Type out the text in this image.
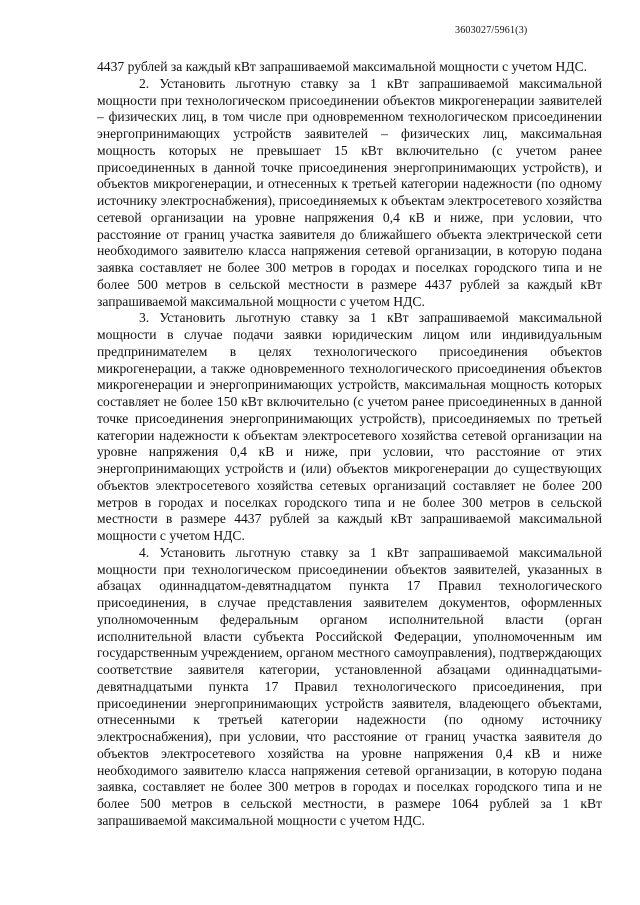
3603027/5961(3)

4437 рублей за каждый кВт запрашиваемой максимальной мощности с учетом НДС.

2. Установить льготную ставку за 1 кВт запрашиваемой максимальной мощности при технологическом присоединении объектов микрогенерации заявителей – физических лиц, в том числе при одновременном технологическом присоединении энергопринимающих устройств заявителей – физических лиц, максимальная мощность которых не превышает 15 кВт включительно (с учетом ранее присоединенных в данной точке присоединения энергопринимающих устройств), и объектов микрогенерации, и отнесенных к третьей категории надежности (по одному источнику электроснабжения), присоединяемых к объектам электросетевого хозяйства сетевой организации на уровне напряжения 0,4 кВ и ниже, при условии, что расстояние от границ участка заявителя до ближайшего объекта электрической сети необходимого заявителю класса напряжения сетевой организации, в которую подана заявка составляет не более 300 метров в городах и поселках городского типа и не более 500 метров в сельской местности в размере 4437 рублей за каждый кВт запрашиваемой максимальной мощности с учетом НДС.

3. Установить льготную ставку за 1 кВт запрашиваемой максимальной мощности в случае подачи заявки юридическим лицом или индивидуальным предпринимателем в целях технологического присоединения объектов микрогенерации, а также одновременного технологического присоединения объектов микрогенерации и энергопринимающих устройств, максимальная мощность которых составляет не более 150 кВт включительно (с учетом ранее присоединенных в данной точке присоединения энергопринимающих устройств), присоединяемых по третьей категории надежности к объектам электросетевого хозяйства сетевой организации на уровне напряжения 0,4 кВ и ниже, при условии, что расстояние от этих энергопринимающих устройств и (или) объектов микрогенерации до существующих объектов электросетевого хозяйства сетевых организаций составляет не более 200 метров в городах и поселках городского типа и не более 300 метров в сельской местности в размере 4437 рублей за каждый кВт запрашиваемой максимальной мощности с учетом НДС.

4. Установить льготную ставку за 1 кВт запрашиваемой максимальной мощности при технологическом присоединении объектов заявителей, указанных в абзацах одиннадцатом-девятнадцатом пункта 17 Правил технологического присоединения, в случае представления заявителем документов, оформленных уполномоченным федеральным органом исполнительной власти (орган исполнительной власти субъекта Российской Федерации, уполномоченным им государственным учреждением, органом местного самоуправления), подтверждающих соответствие заявителя категории, установленной абзацами одиннадцатыми-девятнадцатыми пункта 17 Правил технологического присоединения, при присоединении энергопринимающих устройств заявителя, владеющего объектами, отнесенными к третьей категории надежности (по одному источнику электроснабжения), при условии, что расстояние от границ участка заявителя до объектов электросетевого хозяйства на уровне напряжения 0,4 кВ и ниже необходимого заявителю класса напряжения сетевой организации, в которую подана заявка, составляет не более 300 метров в городах и поселках городского типа и не более 500 метров в сельской местности, в размере 1064 рублей за 1 кВт запрашиваемой максимальной мощности с учетом НДС.
